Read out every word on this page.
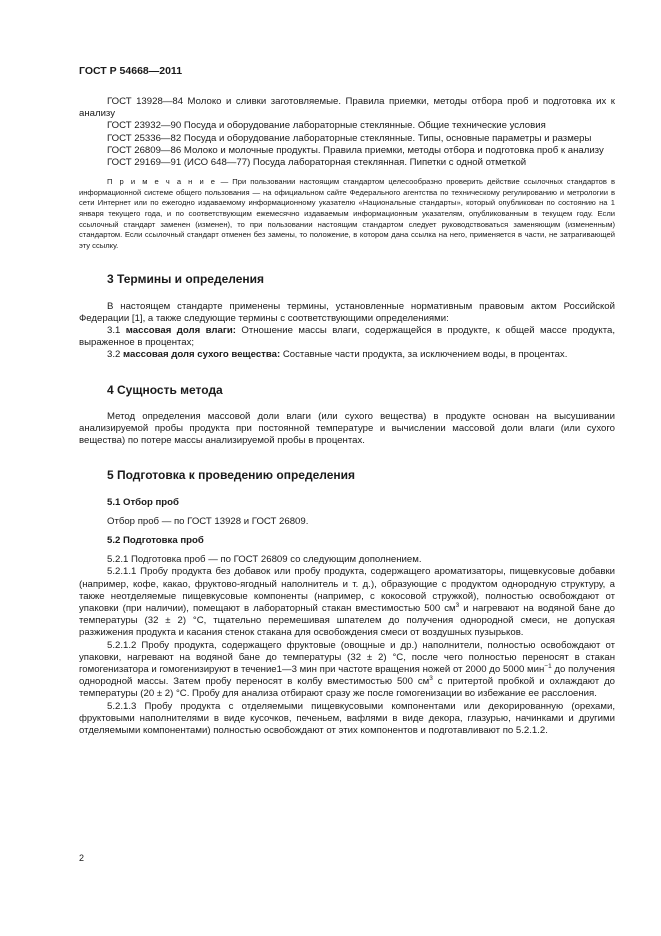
ГОСТ Р 54668—2011

ГОСТ 13928—84 Молоко и сливки заготовляемые. Правила приемки, методы отбора проб и подготовка их к анализу

ГОСТ 23932—90 Посуда и оборудование лабораторные стеклянные. Общие технические условия

ГОСТ 25336—82 Посуда и оборудование лабораторные стеклянные. Типы, основные параметры и размеры

ГОСТ 26809—86 Молоко и молочные продукты. Правила приемки, методы отбора и подготовка проб к анализу

ГОСТ 29169—91 (ИСО 648—77) Посуда лабораторная стеклянная. Пипетки с одной отметкой

П р и м е ч а н и е — При пользовании настоящим стандартом целесообразно проверить действие ссылочных стандартов в информационной системе общего пользования — на официальном сайте Федерального агентства по техническому регулированию и метрологии в сети Интернет или по ежегодно издаваемому информационному указателю «Национальные стандарты», который опубликован по состоянию на 1 января текущего года, и по соответствующим ежемесячно издаваемым информационным указателям, опубликованным в текущем году. Если ссылочный стандарт заменен (изменен), то при пользовании настоящим стандартом следует руководствоваться заменяющим (измененным) стандартом. Если ссылочный стандарт отменен без замены, то положение, в котором дана ссылка на него, применяется в части, не затрагивающей эту ссылку.

3 Термины и определения

В настоящем стандарте применены термины, установленные нормативным правовым актом Российской Федерации [1], а также следующие термины с соответствующими определениями:

3.1 массовая доля влаги: Отношение массы влаги, содержащейся в продукте, к общей массе продукта, выраженное в процентах;

3.2 массовая доля сухого вещества: Составные части продукта, за исключением воды, в процентах.

4 Сущность метода

Метод определения массовой доли влаги (или сухого вещества) в продукте основан на высушивании анализируемой пробы продукта при постоянной температуре и вычислении массовой доли влаги (или сухого вещества) по потере массы анализируемой пробы в процентах.

5 Подготовка к проведению определения
5.1 Отбор проб

Отбор проб — по ГОСТ 13928 и ГОСТ 26809.

5.2 Подготовка проб

5.2.1 Подготовка проб — по ГОСТ 26809 со следующим дополнением.

5.2.1.1 Пробу продукта без добавок или пробу продукта, содержащего ароматизаторы, пищевкусовые добавки (например, кофе, какао, фруктово-ягодный наполнитель и т. д.), образующие с продуктом однородную структуру, а также неотделяемые пищевкусовые компоненты (например, с кокосовой стружкой), полностью освобождают от упаковки (при наличии), помещают в лабораторный стакан вместимостью 500 $см^3$ и нагревают на водяной бане до температуры (32 ± 2) °С, тщательно перемешивая шпателем до получения однородной смеси, не допуская разжижения продукта и касания стенок стакана для освобождения смеси от воздушных пузырьков.

5.2.1.2 Пробу продукта, содержащего фруктовые (овощные и др.) наполнители, полностью освобождают от упаковки, нагревают на водяной бане до температуры (32 ± 2) °С, после чего полностью переносят в стакан гомогенизатора и гомогенизируют в течение1—3 мин при частоте вращения ножей от 2000 до 5000 мин$^{-1}$ до получения однородной массы. Затем пробу переносят в колбу вместимостью 500 $см^3$ с притертой пробкой и охлаждают до температуры (20 ± 2) °С. Пробу для анализа отбирают сразу же после гомогенизации во избежание ее расслоения.

5.2.1.3 Пробу продукта с отделяемыми пищевкусовыми компонентами или декорированную (орехами, фруктовыми наполнителями в виде кусочков, печеньем, вафлями в виде декора, глазурью, начинками и другими отделяемыми компонентами) полностью освобождают от этих компонентов и подготавливают по 5.2.1.2.

2
